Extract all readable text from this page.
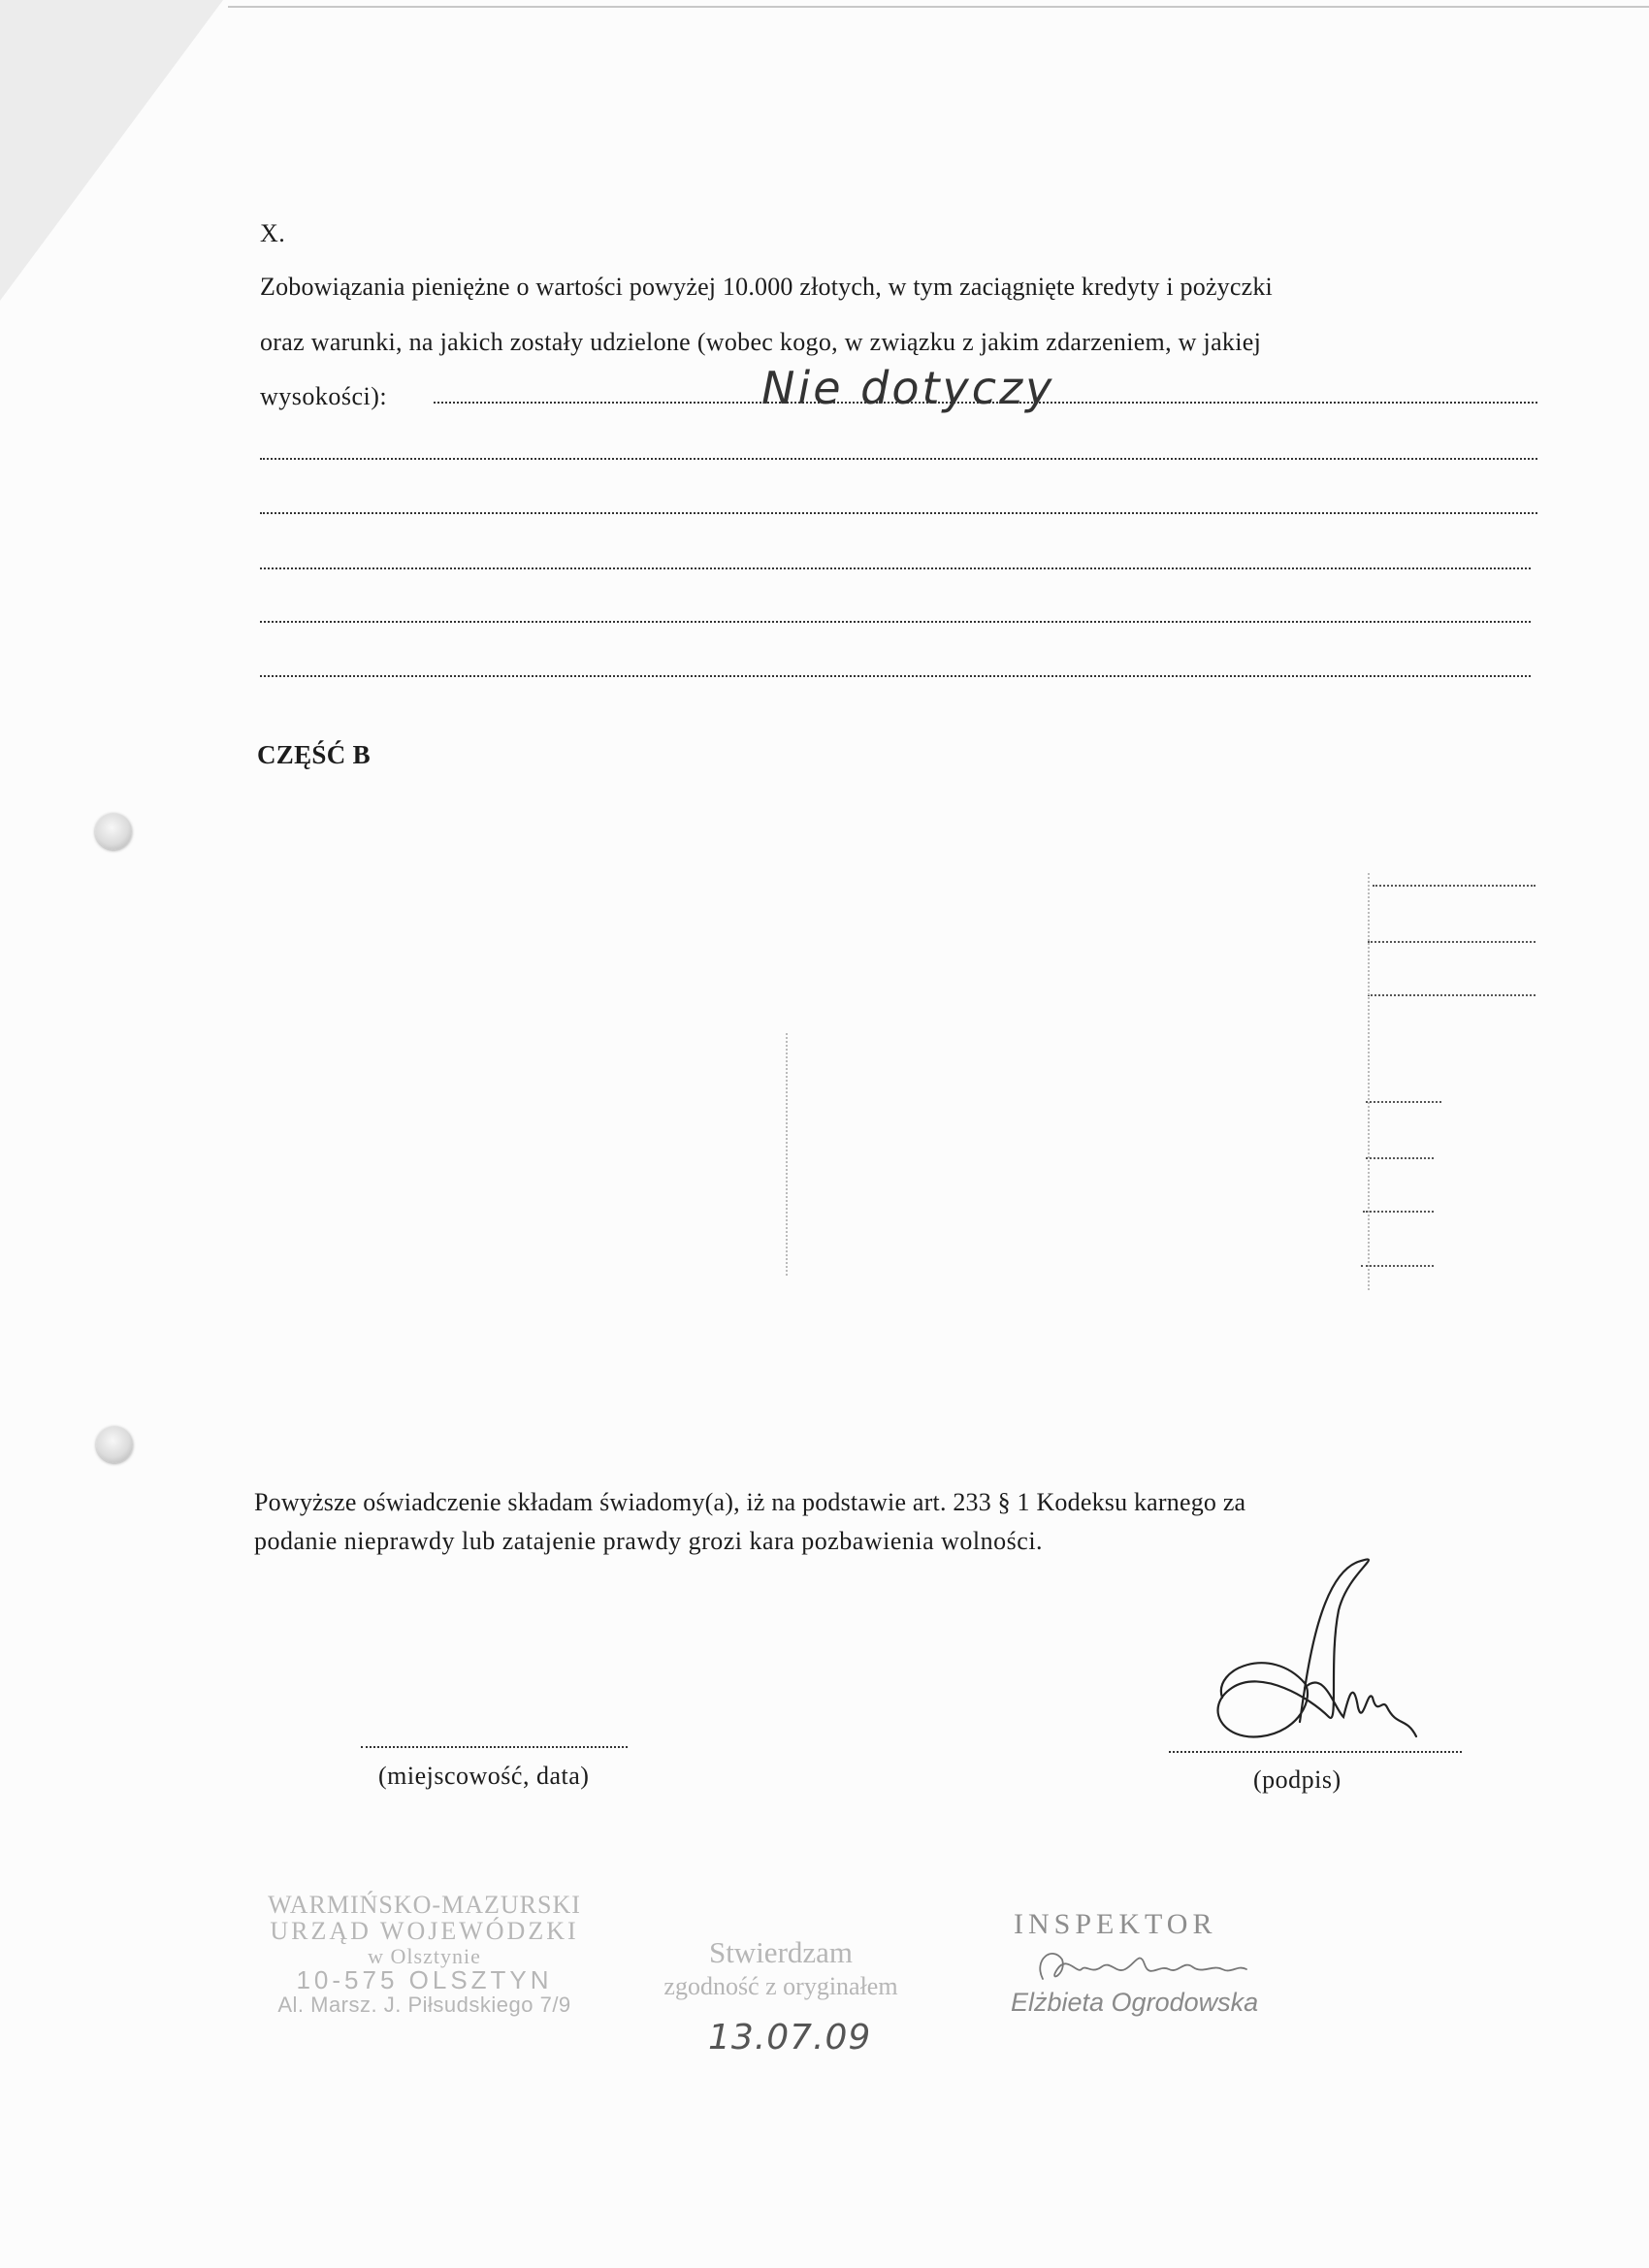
X.
Zobowiązania pieniężne o wartości powyżej 10.000 złotych, w tym zaciągnięte kredyty i pożyczki
oraz warunki, na jakich zostały udzielone (wobec kogo, w związku z jakim zdarzeniem, w jakiej
wysokości):	Nie dotyczy
CZĘŚĆ B
Powyższe oświadczenie składam świadomy(a), iż na podstawie art. 233 § 1 Kodeksu karnego za
podanie nieprawdy lub zatajenie prawdy grozi kara pozbawienia wolności.
(miejscowość, data)	(podpis)
WARMIŃSKO-MAZURSKI
URZĄD WOJEWÓDZKI
w Olsztynie
10-575 OLSZTYN
Al. Marsz. J. Piłsudskiego 7/9
Stwierdzam
zgodność z oryginałem
13.07.09
INSPEKTOR
Elżbieta Ogrodowska
